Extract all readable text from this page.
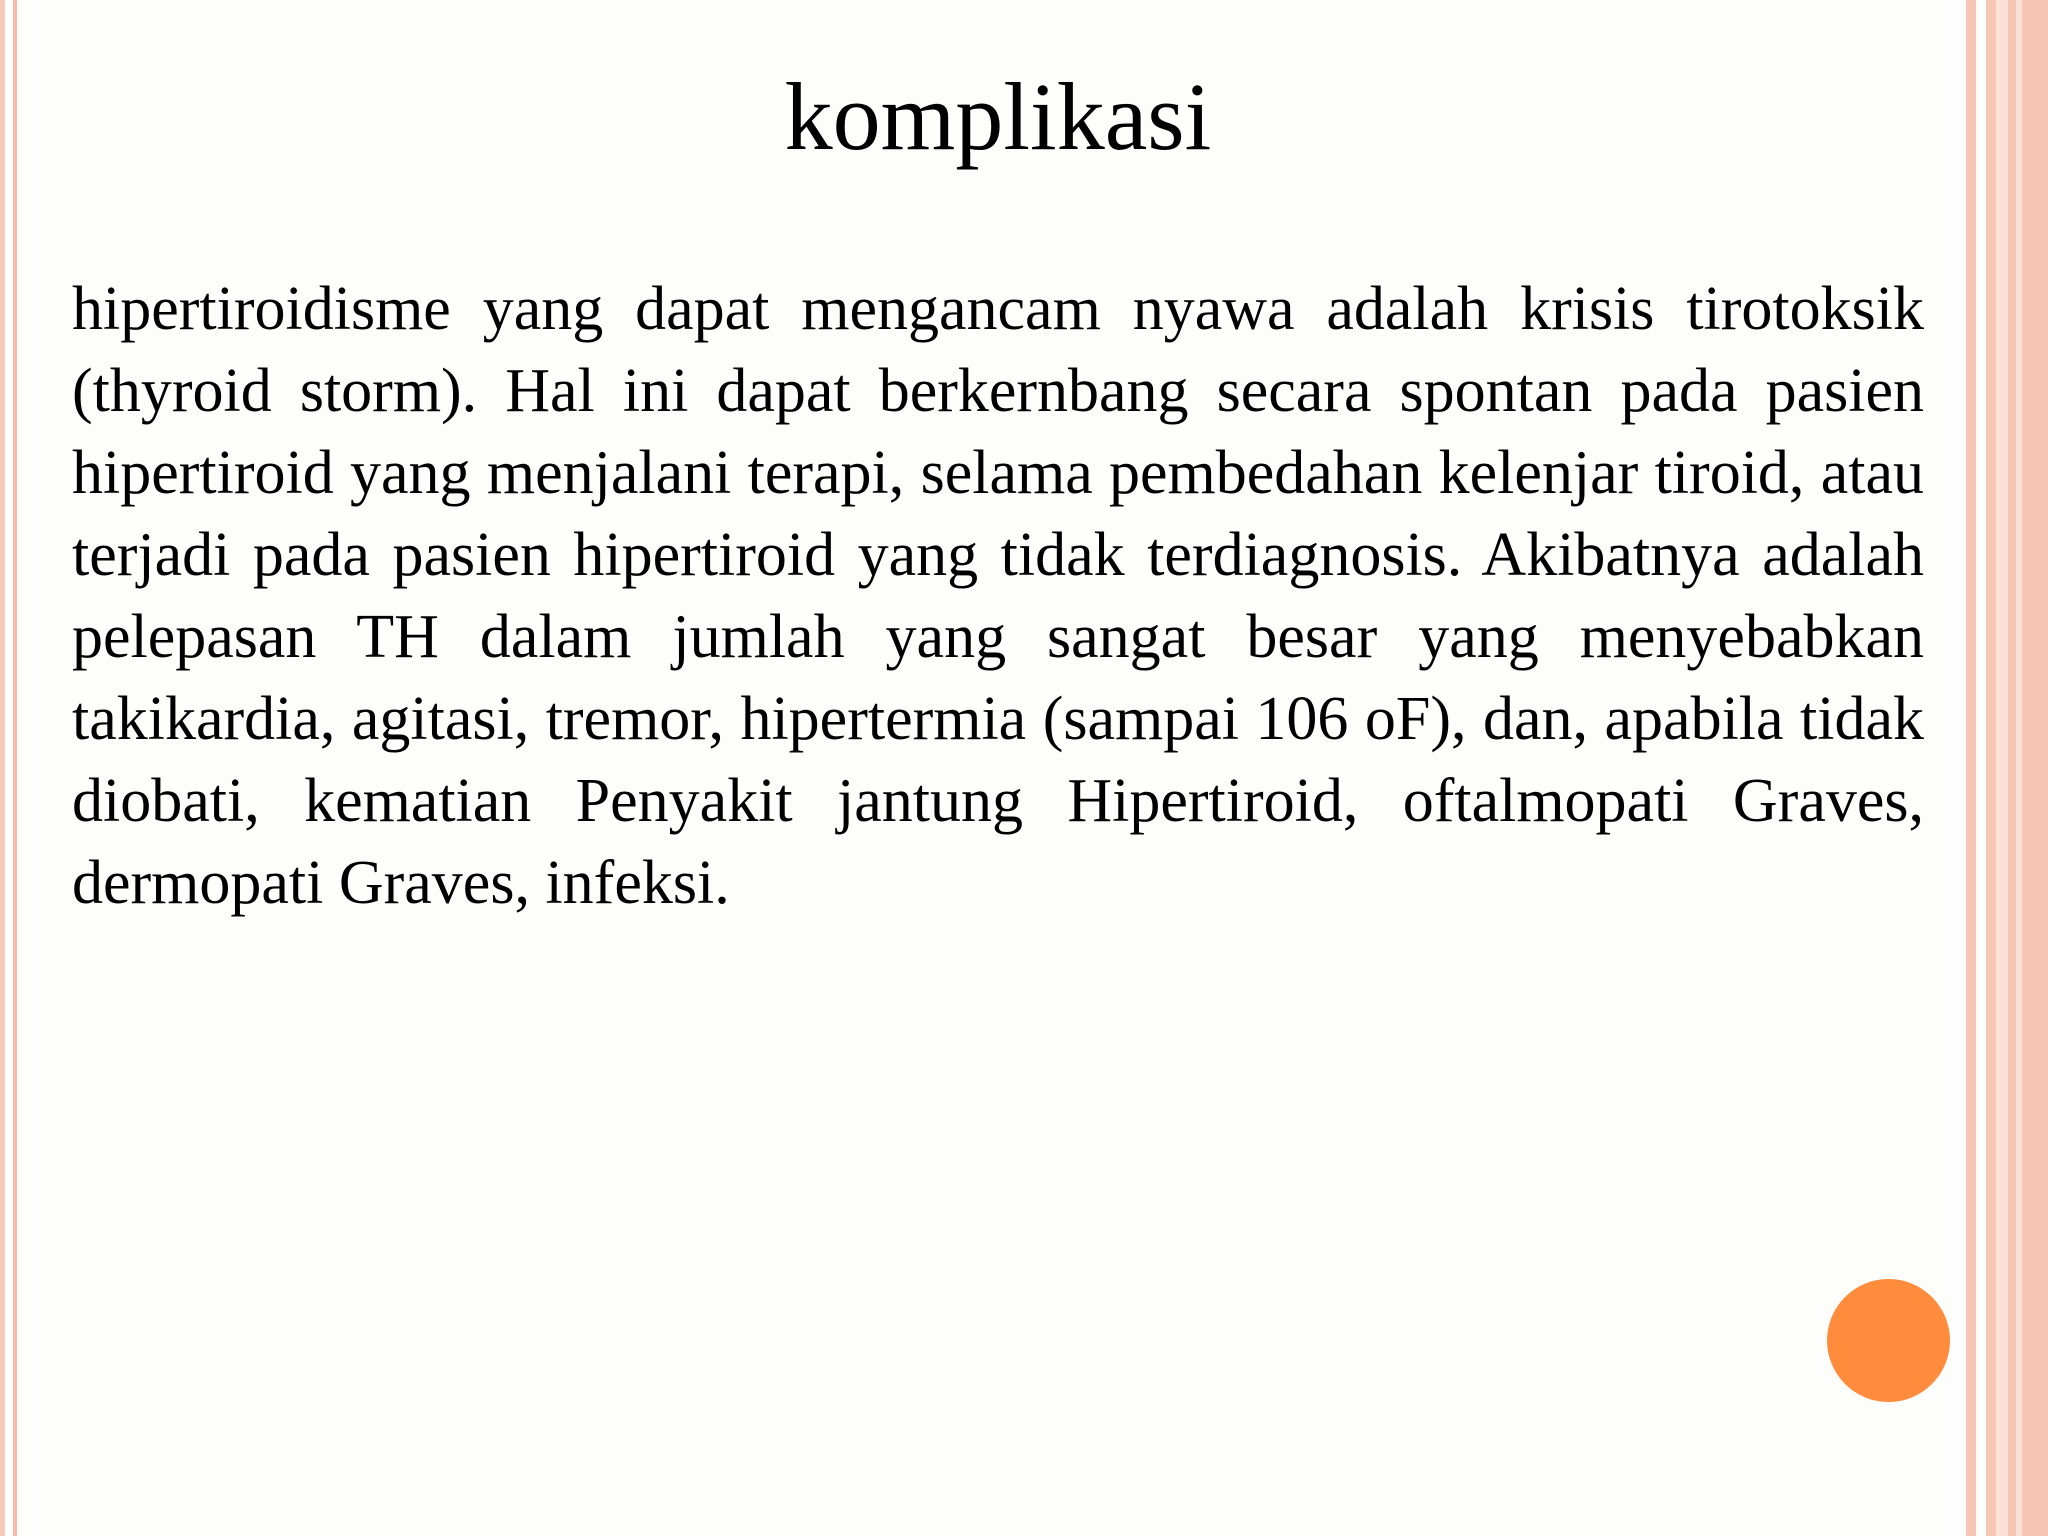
komplikasi

hipertiroidisme yang dapat mengancam nyawa adalah krisis tirotoksik (thyroid storm). Hal ini dapat berkernbang secara spontan pada pasien hipertiroid yang menjalani terapi, selama pembedahan kelenjar tiroid, atau terjadi pada pasien hipertiroid yang tidak terdiagnosis. Akibatnya adalah pelepasan TH dalam jumlah yang sangat besar yang menyebabkan takikardia, agitasi, tremor, hipertermia (sampai 106 oF), dan, apabila tidak diobati, kematian Penyakit jantung Hipertiroid, oftalmopati Graves, dermopati Graves, infeksi.
